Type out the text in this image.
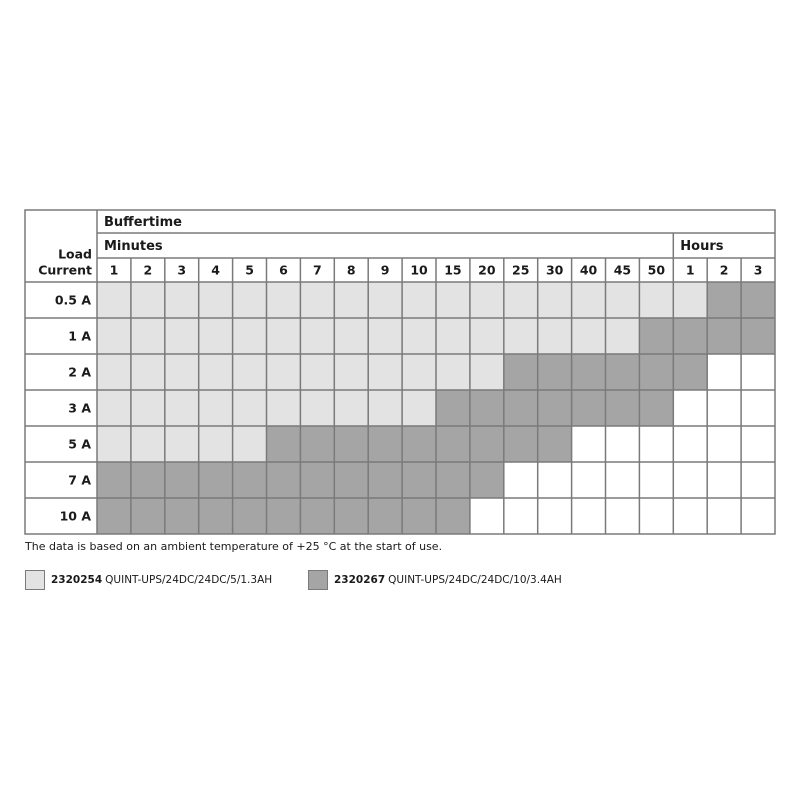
Buffertime
Minutes	Hours
Load
Current 1 2 3 4 5 6 7 8 9 10 15 20 25 30 40 45 50 1 2 3
0.5 A
1 A
2 A
3 A
5 A
7 A
10 A
The data is based on an ambient temperature of +25 °C at the start of use.
2320254 QUINT-UPS/24DC/24DC/5/1.3AH	2320267 QUINT-UPS/24DC/24DC/10/3.4AH
